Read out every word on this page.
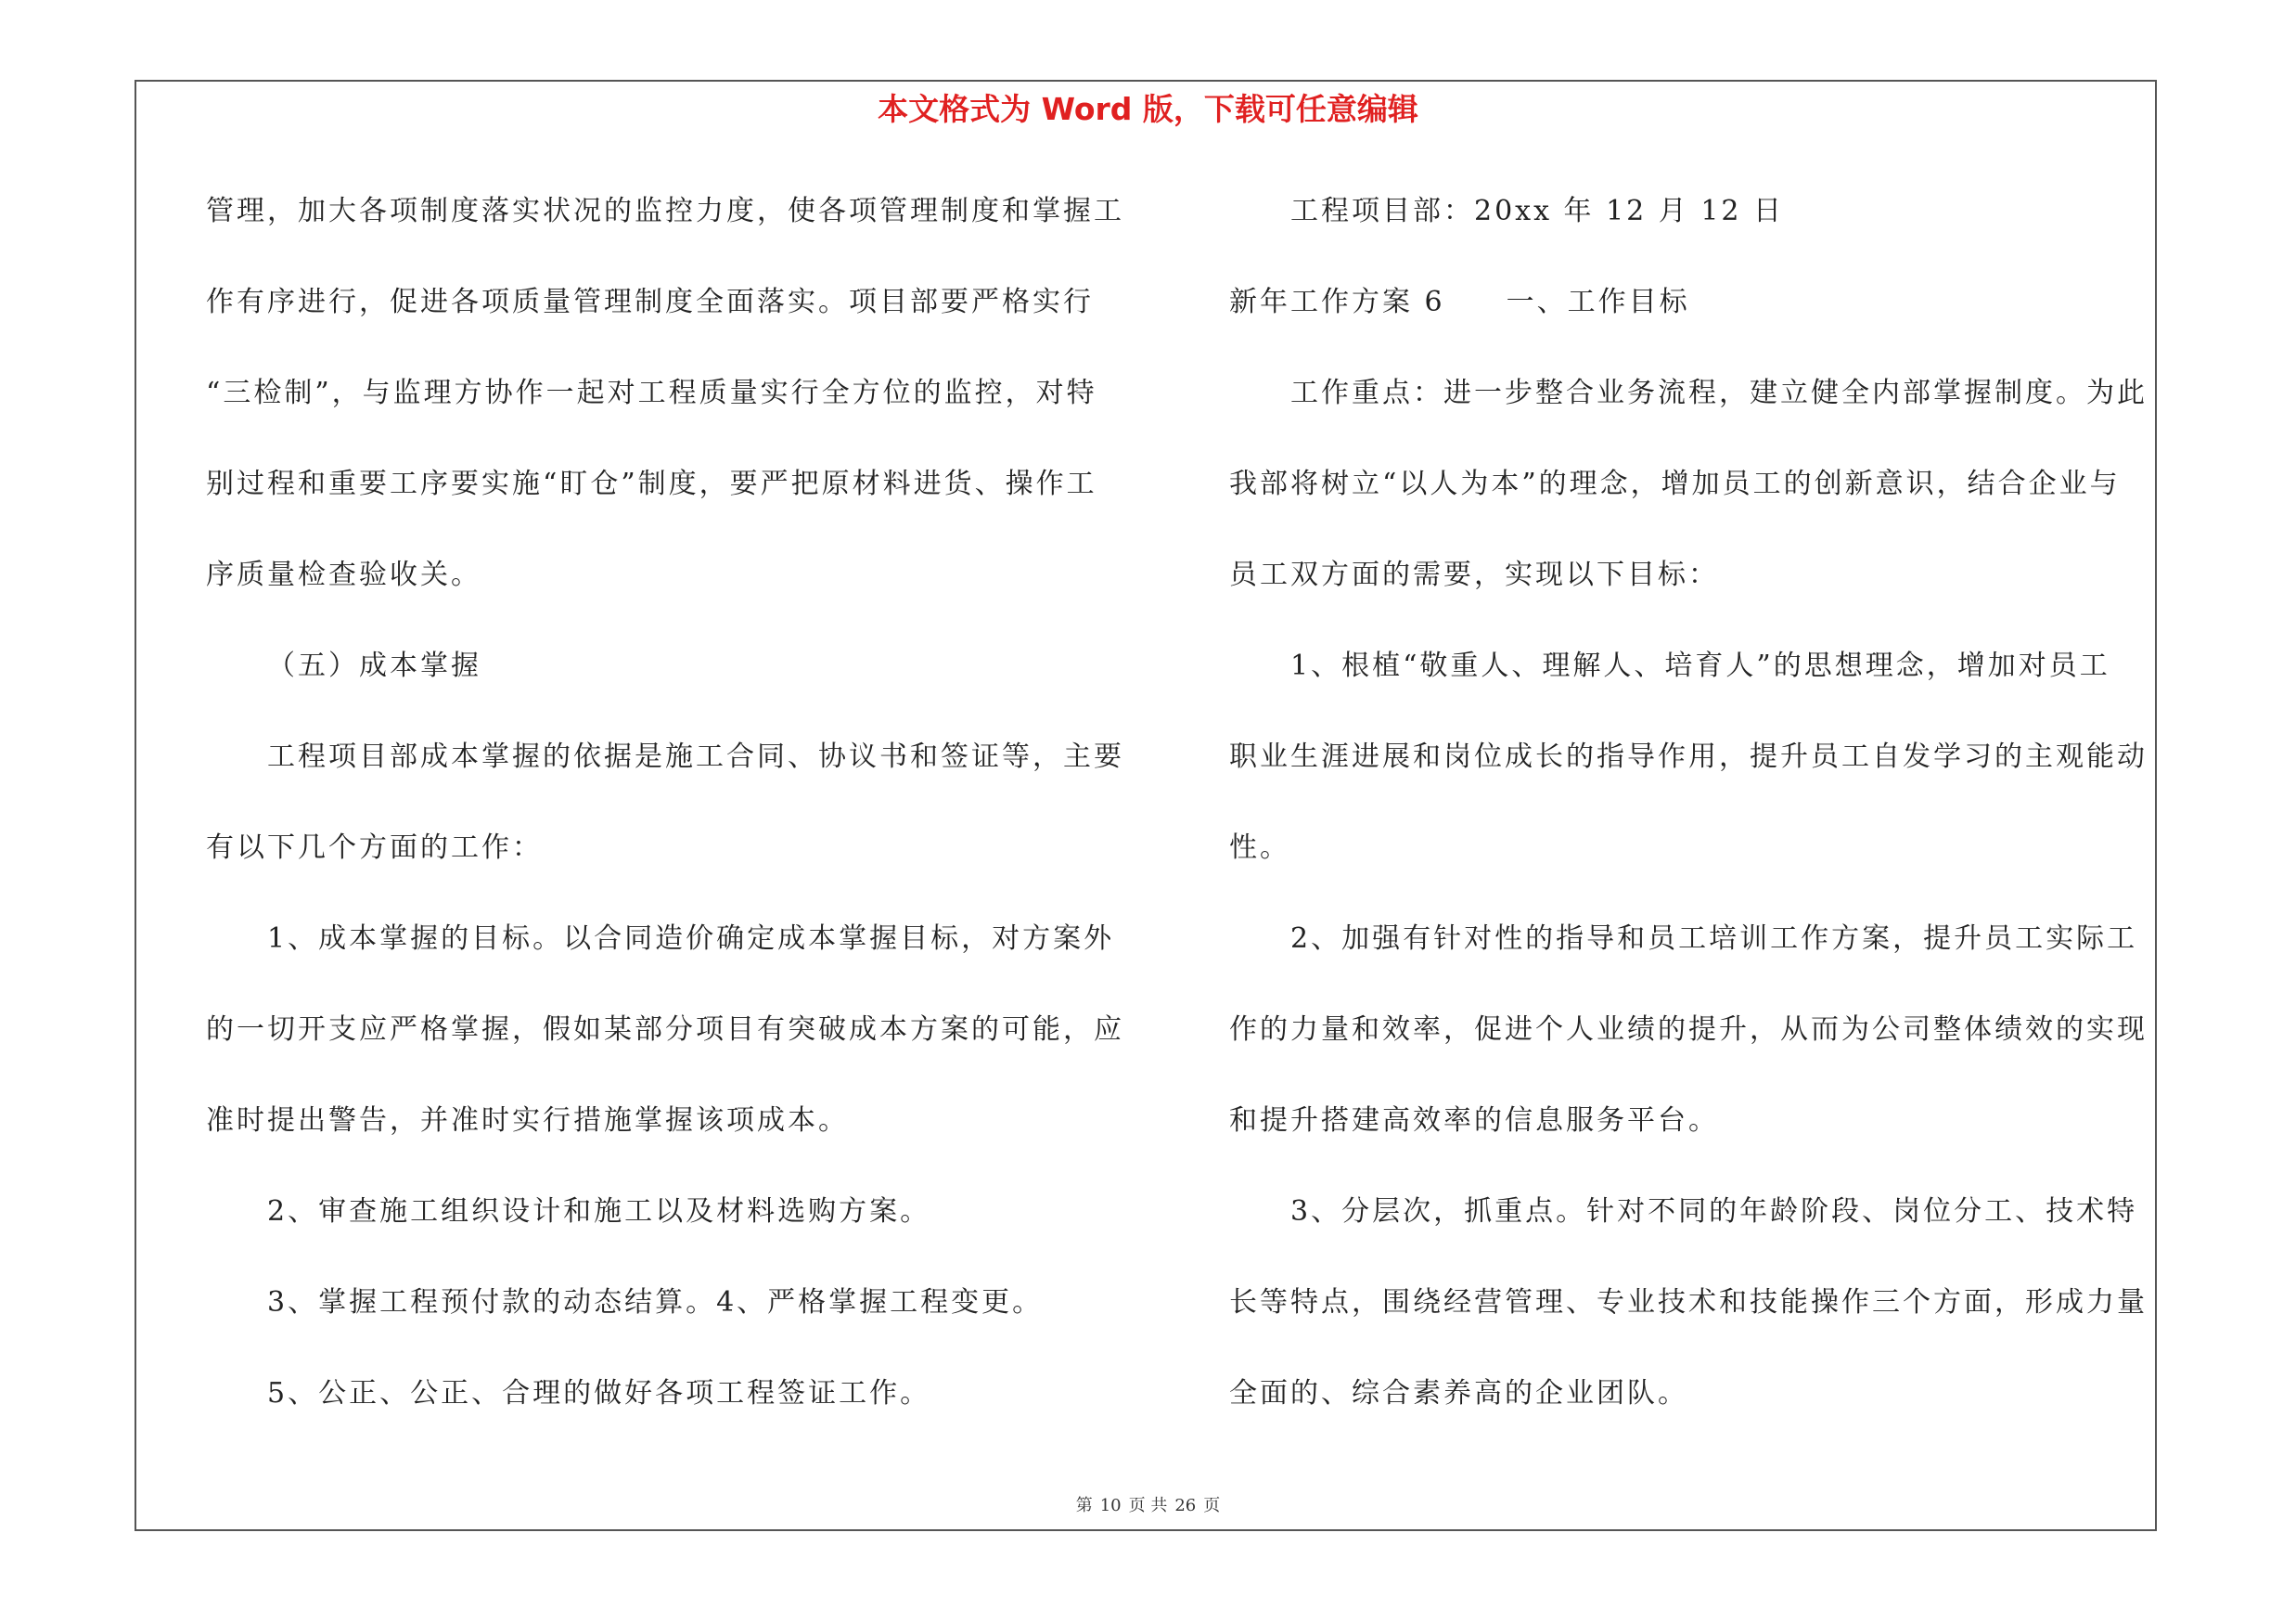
本文格式为 Word 版，下载可任意编辑
管理，加大各项制度落实状况的监控力度，使各项管理制度和掌握工
作有序进行，促进各项质量管理制度全面落实。项目部要严格实行
“三检制”，与监理方协作一起对工程质量实行全方位的监控，对特
别过程和重要工序要实施“盯仓”制度，要严把原材料进货、操作工
序质量检查验收关。
（五）成本掌握
工程项目部成本掌握的依据是施工合同、协议书和签证等，主要
有以下几个方面的工作：
1、成本掌握的目标。以合同造价确定成本掌握目标，对方案外
的一切开支应严格掌握，假如某部分项目有突破成本方案的可能，应
准时提出警告，并准时实行措施掌握该项成本。
2、审查施工组织设计和施工以及材料选购方案。
3、掌握工程预付款的动态结算。4、严格掌握工程变更。
5、公正、公正、合理的做好各项工程签证工作。
工程项目部：20xx 年 12 月 12 日
新年工作方案 6　　一、工作目标
工作重点：进一步整合业务流程，建立健全内部掌握制度。为此
我部将树立“以人为本”的理念，增加员工的创新意识，结合企业与
员工双方面的需要，实现以下目标：
1、根植“敬重人、理解人、培育人”的思想理念，增加对员工
职业生涯进展和岗位成长的指导作用，提升员工自发学习的主观能动
性。
2、加强有针对性的指导和员工培训工作方案，提升员工实际工
作的力量和效率，促进个人业绩的提升，从而为公司整体绩效的实现
和提升搭建高效率的信息服务平台。
3、分层次，抓重点。针对不同的年龄阶段、岗位分工、技术特
长等特点，围绕经营管理、专业技术和技能操作三个方面，形成力量
全面的、综合素养高的企业团队。
第 10 页 共 26 页
